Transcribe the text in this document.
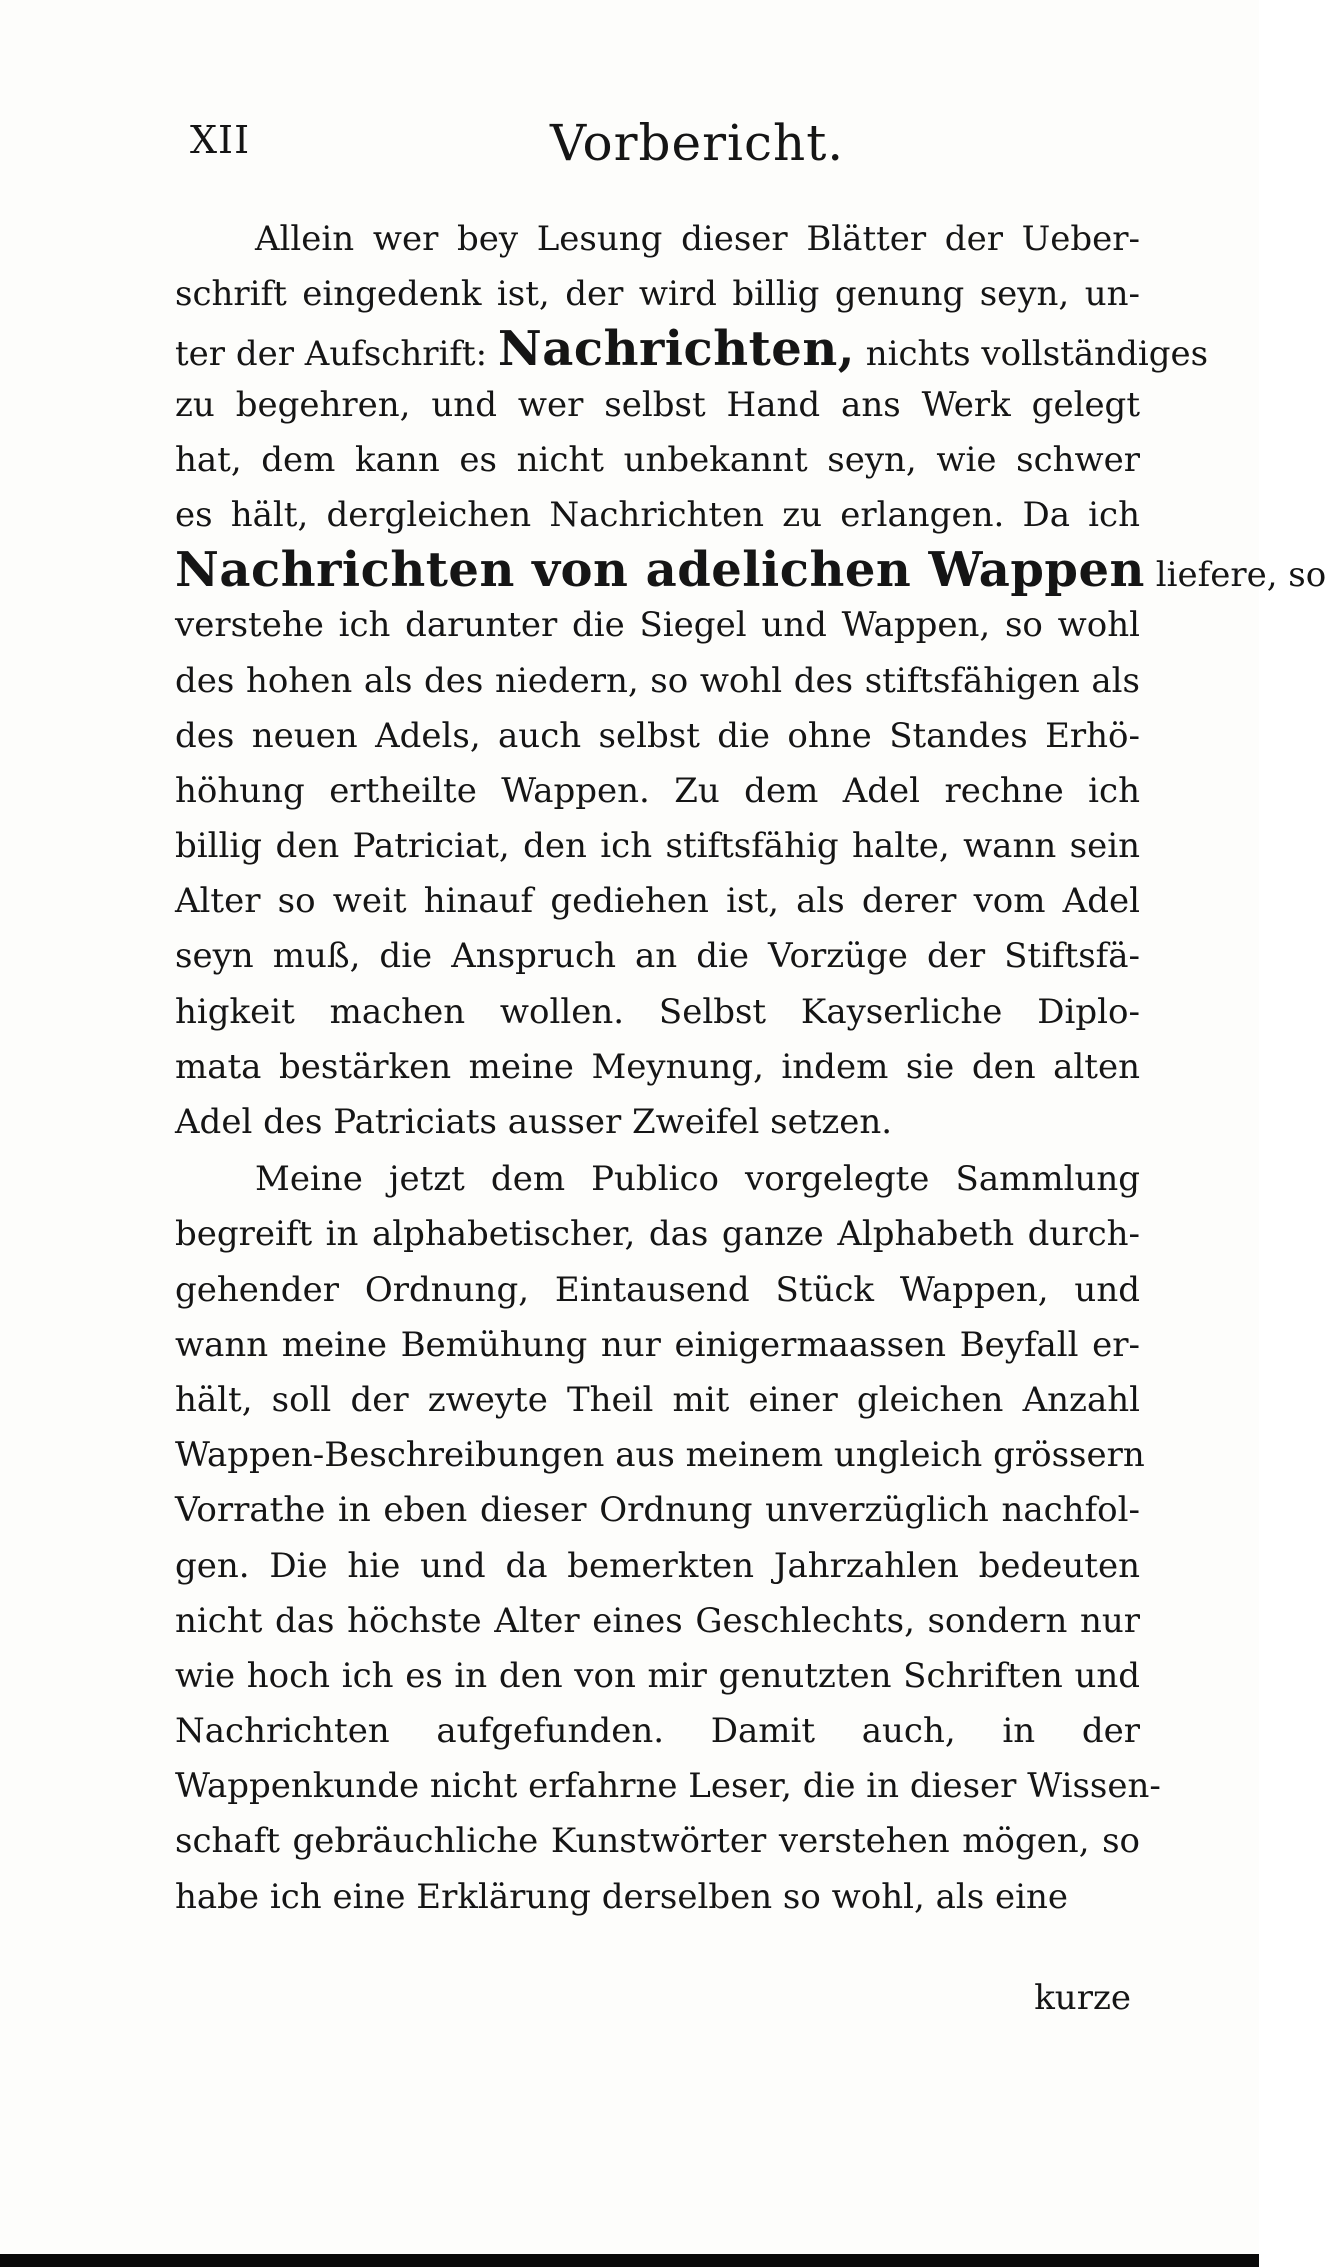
XII	Vorbericht.
Allein wer bey Lesung dieser Blätter der Ueber-
schrift eingedenk ist, der wird billig genung seyn, un-
ter der Aufschrift: Nachrichten, nichts vollständiges
zu begehren, und wer selbst Hand ans Werk gelegt
hat, dem kann es nicht unbekannt seyn, wie schwer
es hält, dergleichen Nachrichten zu erlangen. Da ich
Nachrichten von adelichen Wappen liefere, so
verstehe ich darunter die Siegel und Wappen, so wohl
des hohen als des niedern, so wohl des stiftsfähigen als
des neuen Adels, auch selbst die ohne Standes Erhö-
höhung ertheilte Wappen. Zu dem Adel rechne ich
billig den Patriciat, den ich stiftsfähig halte, wann sein
Alter so weit hinauf gediehen ist, als derer vom Adel
seyn muß, die Anspruch an die Vorzüge der Stiftsfä-
higkeit machen wollen. Selbst Kayserliche Diplo-
mata bestärken meine Meynung, indem sie den alten
Adel des Patriciats ausser Zweifel setzen.
Meine jetzt dem Publico vorgelegte Sammlung
begreift in alphabetischer, das ganze Alphabeth durch-
gehender Ordnung, Eintausend Stück Wappen, und
wann meine Bemühung nur einigermaassen Beyfall er-
hält, soll der zweyte Theil mit einer gleichen Anzahl
Wappen-Beschreibungen aus meinem ungleich grössern
Vorrathe in eben dieser Ordnung unverzüglich nachfol-
gen. Die hie und da bemerkten Jahrzahlen bedeuten
nicht das höchste Alter eines Geschlechts, sondern nur
wie hoch ich es in den von mir genutzten Schriften und
Nachrichten aufgefunden. Damit auch, in der
Wappenkunde nicht erfahrne Leser, die in dieser Wissen-
schaft gebräuchliche Kunstwörter verstehen mögen, so
habe ich eine Erklärung derselben so wohl, als eine
kurze
